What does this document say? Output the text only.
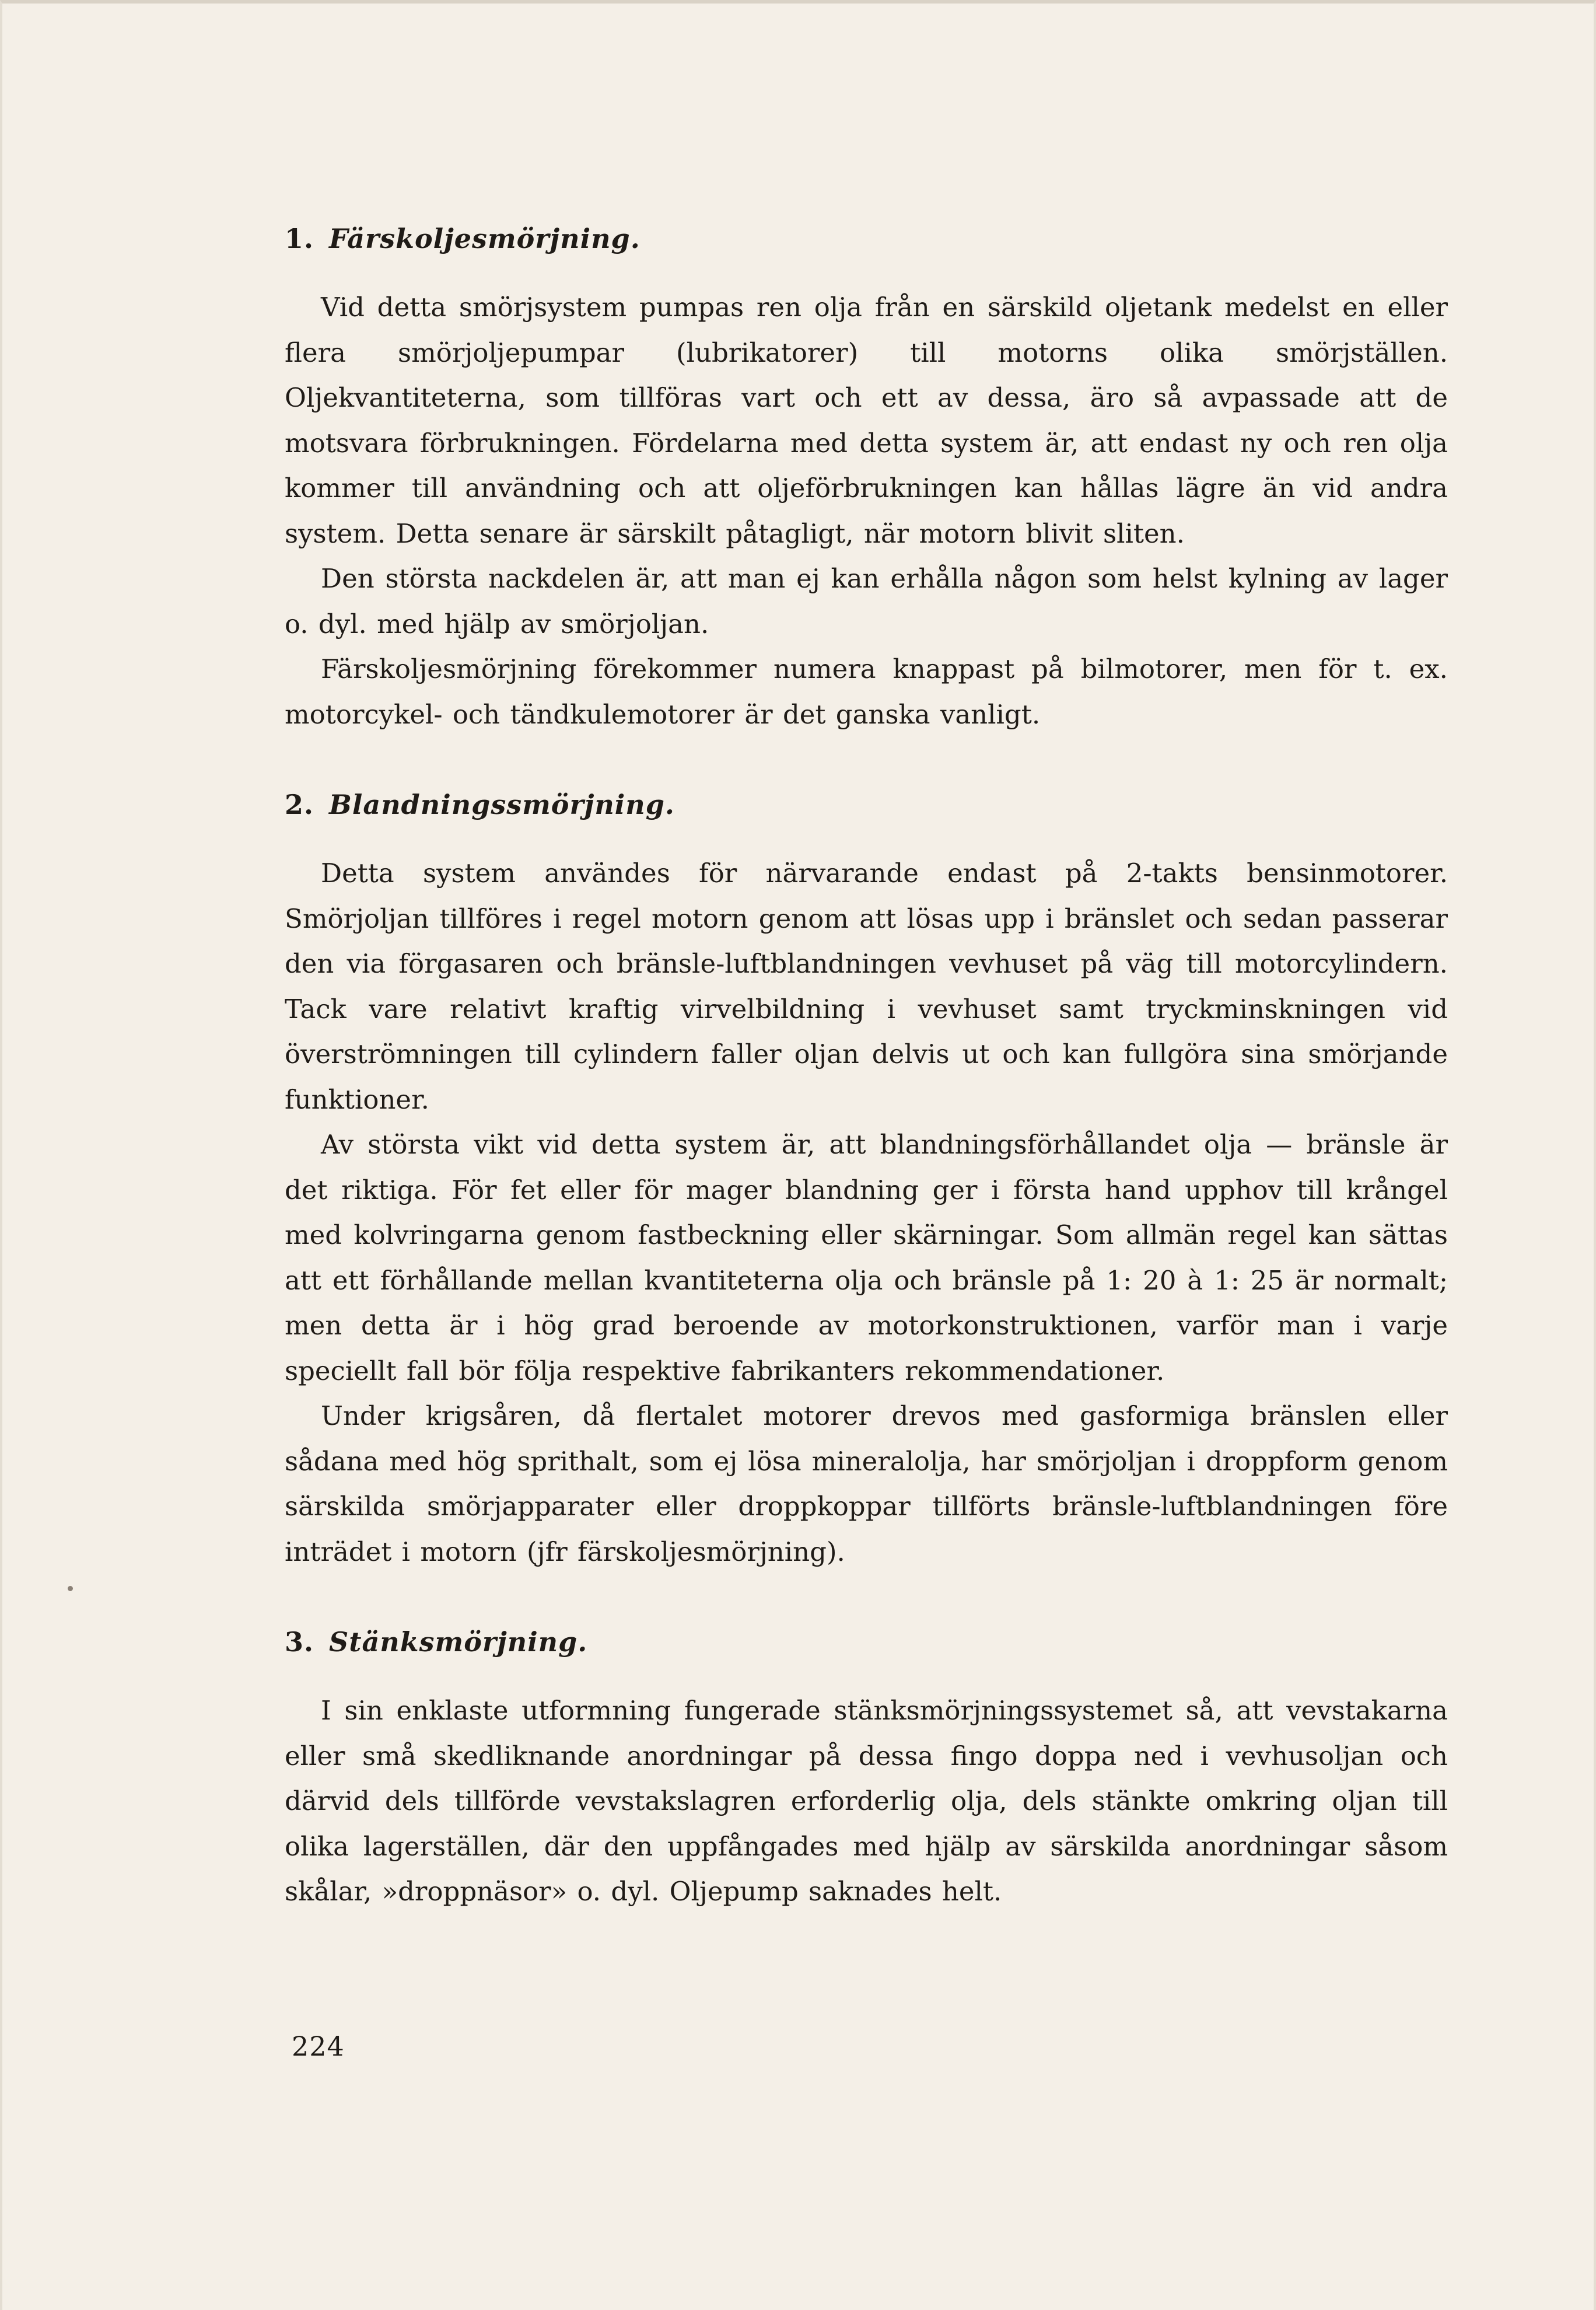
1. Färskoljesmörjning.

Vid detta smörjsystem pumpas ren olja från en särskild oljetank medelst en eller flera smörjoljepumpar (lubrikatorer) till motorns olika smörjställen. Oljekvantiteterna, som tillföras vart och ett av dessa, äro så avpassade att de motsvara förbrukningen. Fördelarna med detta system är, att endast ny och ren olja kommer till användning och att oljeförbrukningen kan hållas lägre än vid andra system. Detta senare är särskilt påtagligt, när motorn blivit sliten.

Den största nackdelen är, att man ej kan erhålla någon som helst kylning av lager o. dyl. med hjälp av smörjoljan.

Färskoljesmörjning förekommer numera knappast på bilmotorer, men för t. ex. motorcykel- och tändkulemotorer är det ganska vanligt.

2. Blandningssmörjning.

Detta system användes för närvarande endast på 2-takts bensinmotorer. Smörjoljan tillföres i regel motorn genom att lösas upp i bränslet och sedan passerar den via förgasaren och bränsle-luftblandningen vevhuset på väg till motorcylindern. Tack vare relativt kraftig virvelbildning i vevhuset samt tryckminskningen vid överströmningen till cylindern faller oljan delvis ut och kan fullgöra sina smörjande funktioner.

Av största vikt vid detta system är, att blandningsförhållandet olja — bränsle är det riktiga. För fet eller för mager blandning ger i första hand upphov till krångel med kolvringarna genom fastbeckning eller skärningar. Som allmän regel kan sättas att ett förhållande mellan kvantiteterna olja och bränsle på 1: 20 à 1: 25 är normalt; men detta är i hög grad beroende av motorkonstruktionen, varför man i varje speciellt fall bör följa respektive fabrikanters rekommendationer.

Under krigsåren, då flertalet motorer drevos med gasformiga bränslen eller sådana med hög sprithalt, som ej lösa mineralolja, har smörjoljan i droppform genom särskilda smörjapparater eller droppkoppar tillförts bränsle-luftblandningen före inträdet i motorn (jfr färskoljesmörjning).

3. Stänksmörjning.

I sin enklaste utformning fungerade stänksmörjningssystemet så, att vevstakarna eller små skedliknande anordningar på dessa fingo doppa ned i vevhusoljan och därvid dels tillförde vevstakslagren erforderlig olja, dels stänkte omkring oljan till olika lagerställen, där den uppfångades med hjälp av särskilda anordningar såsom skålar, »droppnäsor» o. dyl. Oljepump saknades helt.

224
